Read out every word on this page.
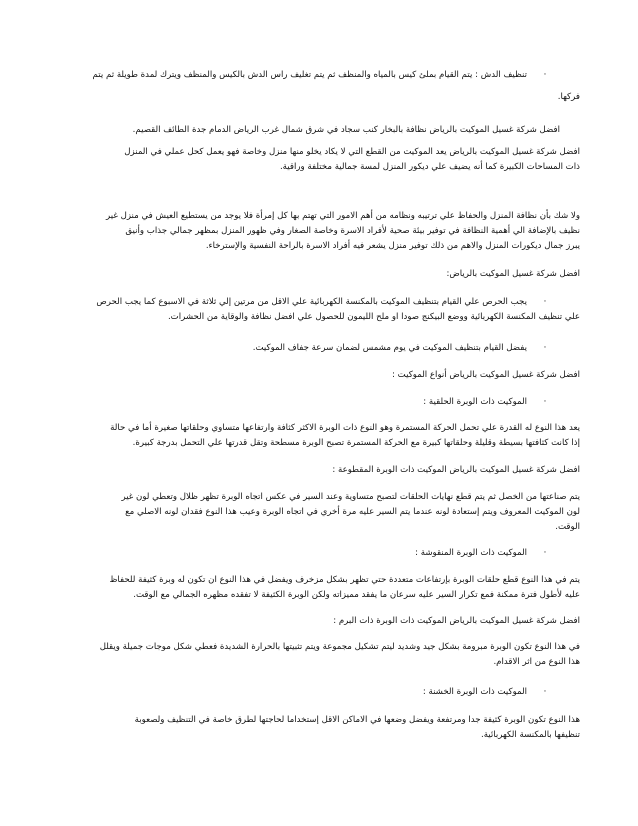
·
تنظيف الدش : يتم القيام بملئ كيس بالمياه والمنظف ثم يتم تغليف راس الدش بالكيس والمنظف ويترك لمدة طويلة ثم يتم
فركها.
افضل شركة غسيل الموكيت بالرياض نظافة بالبخار كنب سجاد في شرق شمال غرب الرياض الدمام جدة الطائف القصيم.
افضل شركة غسيل الموكيت بالرياض يعد الموكيت من القطع التي لا يكاد يخلو منها منزل وخاصة فهو يعمل كحل عملي في المنزل
ذات المساحات الكبيرة كما أنه يضيف علي ديكور المنزل لمسة جمالية مختلفة وراقية.
ولا شك بأن نظافة المنزل والحفاظ علي ترتيبه ونظامه من أهم الامور التي تهتم بها كل إمرأة فلا يوجد من يستطيع العيش في منزل غير
نظيف بالإضافة الي أهمية النظافة في توفير بيئة صحية لأفراد الاسرة وخاصة الصغار وفي ظهور المنزل بمظهر جمالي جذاب وأنيق
يبرز جمال ديكورات المنزل والاهم من ذلك توفير منزل يشعر فيه أفراد الاسرة بالراحة النفسية والإسترخاء.
افضل شركة غسيل الموكيت بالرياض:
·
يجب الحرص علي القيام بتنظيف الموكيت بالمكنسة الكهربائية علي الاقل من مرتين إلي ثلاثة في الاسبوع كما يجب الحرص
علي تنظيف المكنسة الكهربائية ووضع البيكنج صودا او ملح الليمون للحصول علي افضل نظافة والوقاية من الحشرات.
·
يفضل القيام بتنظيف الموكيت في يوم مشمس لضمان سرعة جفاف الموكيت.
افضل شركة غسيل الموكيت بالرياض أنواع الموكيت :
·
الموكيت ذات الوبرة الحلقية :
يعد هذا النوع له القدرة علي تحمل الحركة المستمرة وهو النوع ذات الوبرة الاكثر كثافة وارتفاعها متساوي وحلقاتها صغيرة أما في حالة
إذا كانت كثافتها بسيطة وقليلة وحلقاتها كبيرة مع الحركة المستمرة تصبح الوبرة مسطحة وتقل قدرتها علي التحمل بدرجة كبيرة.
افضل شركة غسيل الموكيت بالرياض الموكيت ذات الوبرة المقطوعة :
يتم صناعتها من الخصل ثم يتم قطع نهايات الحلقات لتصبح متساوية وعند السير في عكس اتجاه الوبرة تظهر ظلال وتعطي لون غير
لون الموكيت المعروف ويتم إستعادة لونه عندما يتم السير عليه مرة أخري في اتجاه الوبرة وعيب هذا النوع فقدان لونه الاصلي مع
الوقت.
·
الموكيت ذات الوبرة المنقوشة :
يتم في هذا النوع قطع حلقات الوبرة بإرتفاعات متعددة حتي تظهر بشكل مزخرف ويفضل في هذا النوع ان تكون له وبرة كثيفة للحفاظ
عليه لأطول فترة ممكنة فمع تكرار السير عليه سرعان ما يفقد مميزاته ولكن الوبرة الكثيفة لا تفقده مظهره الجمالي مع الوقت.
افضل شركة غسيل الموكيت بالرياض الموكيت ذات الوبرة ذات البرم :
في هذا النوع تكون الوبرة مبرومة بشكل جيد وشديد ليتم تشكيل مجموعة ويتم تثبيتها بالحرارة الشديدة فعطي شكل موجات جميلة ويقلل
هذا النوع من اثر الاقدام.
·
الموكيت ذات الوبرة الخشنة :
هذا النوع تكون الوبرة كثيفة جدا ومرتفعة ويفضل وضعها في الاماكن الاقل إستخداما لحاجتها لطرق خاصة في التنظيف ولصعوبة
تنظيفها بالمكنسة الكهربائية.
